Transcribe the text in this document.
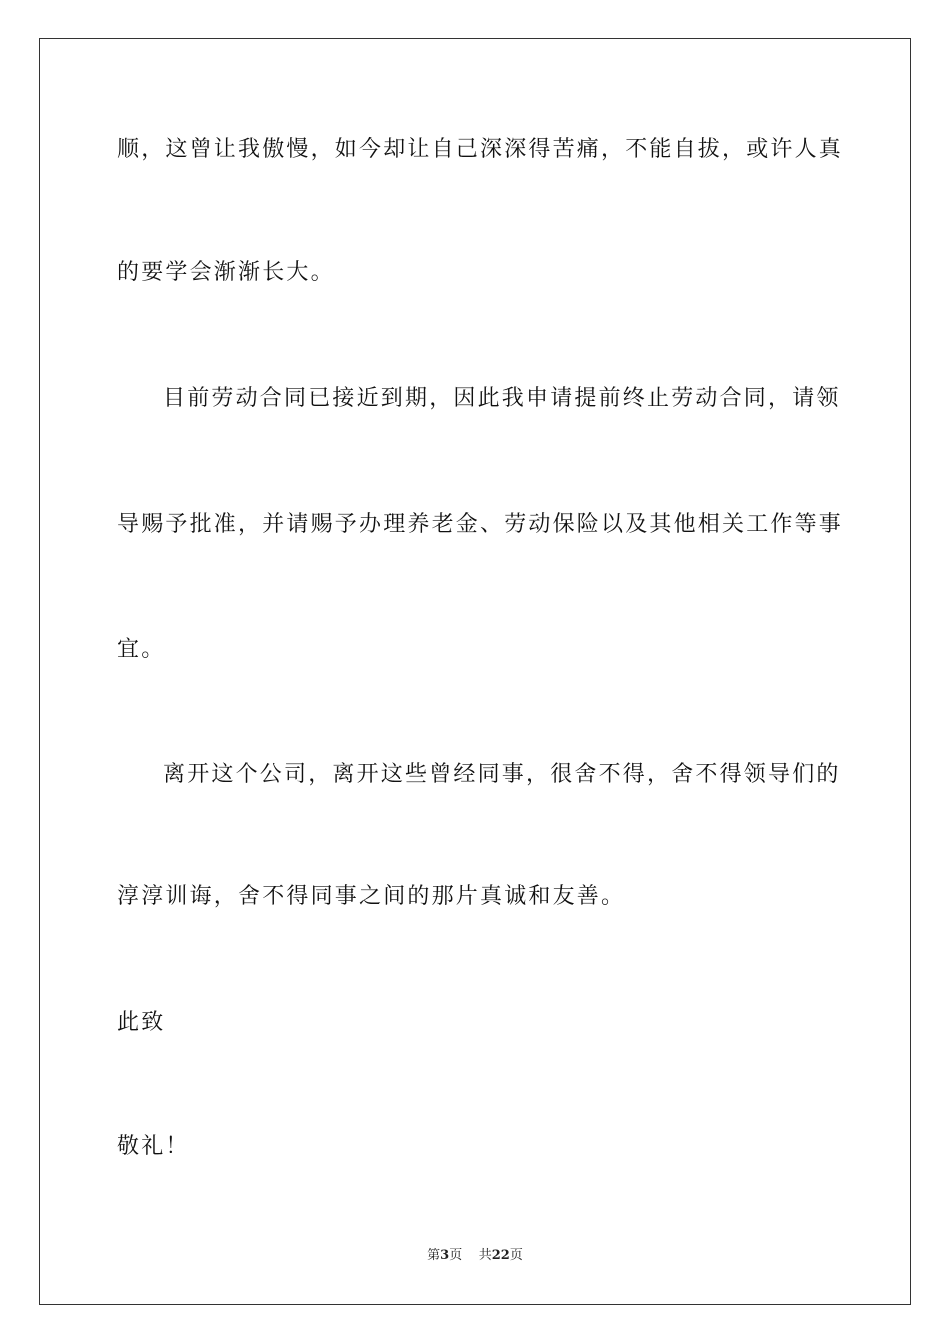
顺，这曾让我傲慢，如今却让自己深深得苦痛，不能自拔，或许人真
的要学会渐渐长大。
目前劳动合同已接近到期，因此我申请提前终止劳动合同，请领
导赐予批准，并请赐予办理养老金、劳动保险以及其他相关工作等事
宜。
离开这个公司，离开这些曾经同事，很舍不得，舍不得领导们的
淳淳训诲，舍不得同事之间的那片真诚和友善。
此致
敬礼！
第3页 共22页
